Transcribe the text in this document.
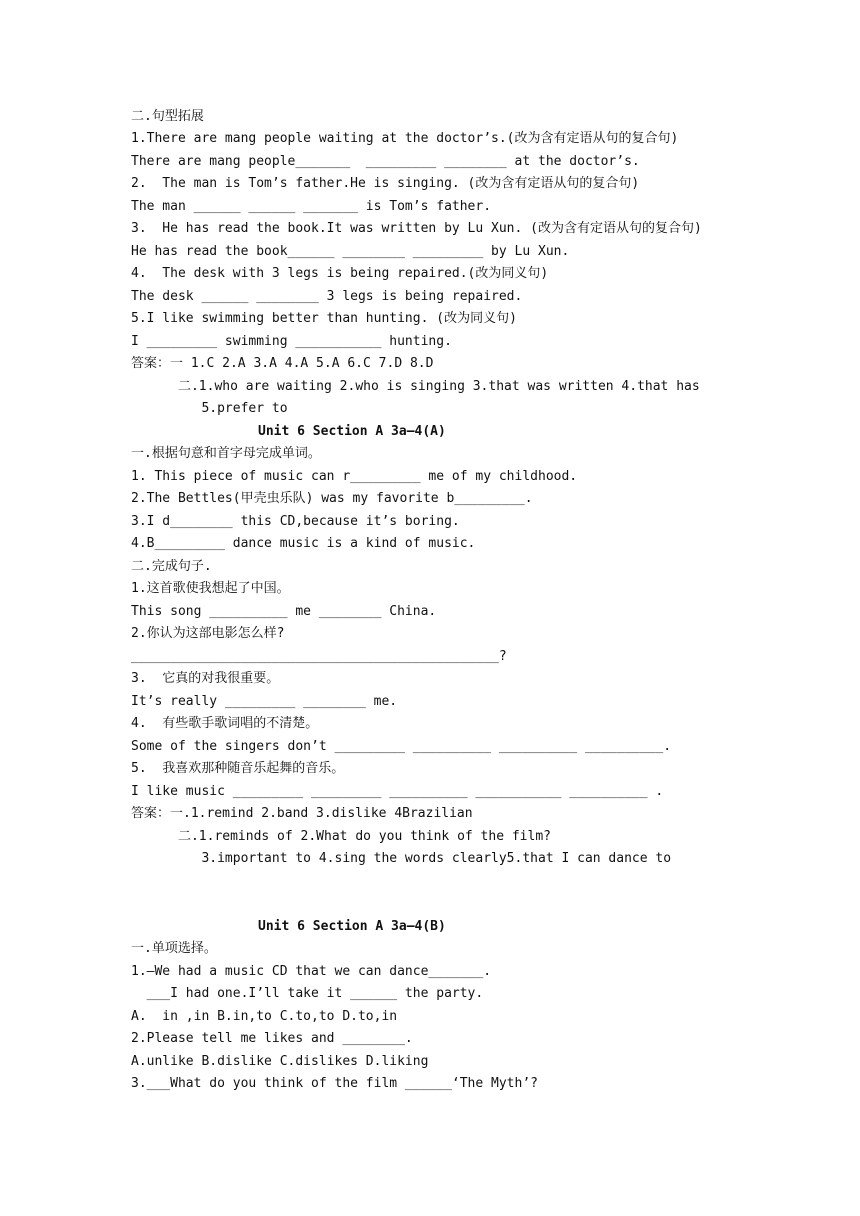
二.句型拓展
1.There are mang people waiting at the doctor’s.(改为含有定语从句的复合句)
There are mang people_______  _________ ________ at the doctor’s.
2.  The man is Tom’s father.He is singing. (改为含有定语从句的复合句)
The man ______ ______ _______ is Tom’s father.
3.  He has read the book.It was written by Lu Xun. (改为含有定语从句的复合句)
He has read the book______ ________ _________ by Lu Xun.
4.  The desk with 3 legs is being repaired.(改为同义句)
The desk ______ ________ 3 legs is being repaired.
5.I like swimming better than hunting. (改为同义句)
I _________ swimming ___________ hunting.
答案：一 1.C 2.A 3.A 4.A 5.A 6.C 7.D 8.D
二.1.who are waiting 2.who is singing 3.that was written 4.that has
5.prefer to
Unit 6 Section A 3a—4(A)
一.根据句意和首字母完成单词。
1. This piece of music can r_________ me of my childhood.
2.The Bettles(甲壳虫乐队) was my favorite b_________.
3.I d________ this CD,because it’s boring.
4.B_________ dance music is a kind of music.
二.完成句子.
1.这首歌使我想起了中国。
This song __________ me ________ China.
2.你认为这部电影怎么样?
_______________________________________________?
3.  它真的对我很重要。
It’s really _________ ________ me.
4.  有些歌手歌词唱的不清楚。
Some of the singers don’t _________ __________ __________ __________.
5.  我喜欢那种随音乐起舞的音乐。
I like music _________ _________ __________ ___________ __________ .
答案：一.1.remind 2.band 3.dislike 4Brazilian
二.1.reminds of 2.What do you think of the film?
3.important to 4.sing the words clearly5.that I can dance to
Unit 6 Section A 3a—4(B)
一.单项选择。
1.—We had a music CD that we can dance_______.
___I had one.I’ll take it ______ the party.
A.  in ,in B.in,to C.to,to D.to,in
2.Please tell me likes and ________.
A.unlike B.dislike C.dislikes D.liking
3.___What do you think of the film ______‘The Myth’?
